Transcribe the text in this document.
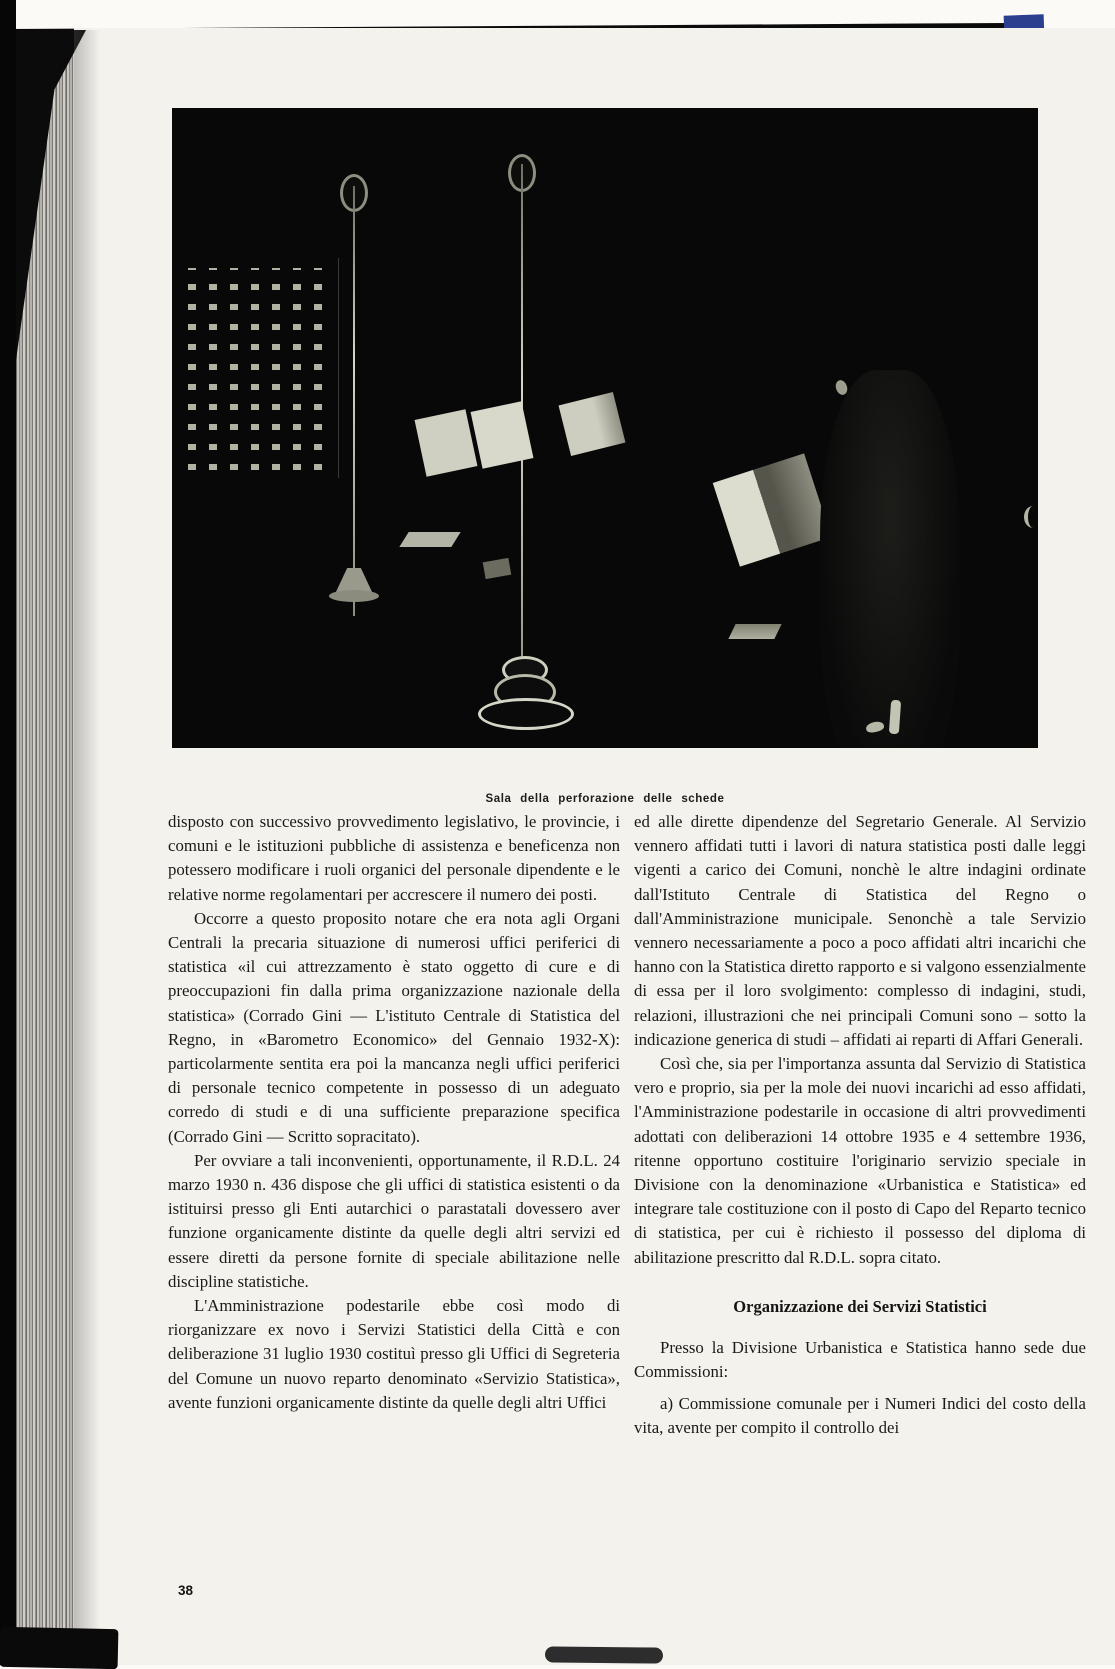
Sala della perforazione delle schede

disposto con successivo provvedimento legislativo, le provincie, i comuni e le istituzioni pubbliche di assistenza e beneficenza non potessero modificare i ruoli organici del personale dipendente e le relative norme regolamentari per accrescere il numero dei posti.

Occorre a questo proposito notare che era nota agli Organi Centrali la precaria situazione di numerosi uffici periferici di statistica «il cui attrezzamento è stato oggetto di cure e di preoccupazioni fin dalla prima organizzazione nazionale della statistica» (Corrado Gini — L'istituto Centrale di Statistica del Regno, in «Barometro Economico» del Gennaio 1932-X): particolarmente sentita era poi la mancanza negli uffici periferici di personale tecnico competente in possesso di un adeguato corredo di studi e di una sufficiente preparazione specifica (Corrado Gini — Scritto sopracitato).

Per ovviare a tali inconvenienti, opportunamente, il R.D.L. 24 marzo 1930 n. 436 dispose che gli uffici di statistica esistenti o da istituirsi presso gli Enti autarchici o parastatali dovessero aver funzione organicamente distinte da quelle degli altri servizi ed essere diretti da persone fornite di speciale abilitazione nelle discipline statistiche.

L'Amministrazione podestarile ebbe così modo di riorganizzare ex novo i Servizi Statistici della Città e con deliberazione 31 luglio 1930 costituì presso gli Uffici di Segreteria del Comune un nuovo reparto denominato «Servizio Statistica», avente funzioni organicamente distinte da quelle degli altri Uffici

ed alle dirette dipendenze del Segretario Generale. Al Servizio vennero affidati tutti i lavori di natura statistica posti dalle leggi vigenti a carico dei Comuni, nonchè le altre indagini ordinate dall'Istituto Centrale di Statistica del Regno o dall'Amministrazione municipale. Senonchè a tale Servizio vennero necessariamente a poco a poco affidati altri incarichi che hanno con la Statistica diretto rapporto e si valgono essenzialmente di essa per il loro svolgimento: complesso di indagini, studi, relazioni, illustrazioni che nei principali Comuni sono – sotto la indicazione generica di studi – affidati ai reparti di Affari Generali.

Così che, sia per l'importanza assunta dal Servizio di Statistica vero e proprio, sia per la mole dei nuovi incarichi ad esso affidati, l'Amministrazione podestarile in occasione di altri provvedimenti adottati con deliberazioni 14 ottobre 1935 e 4 settembre 1936, ritenne opportuno costituire l'originario servizio speciale in Divisione con la denominazione «Urbanistica e Statistica» ed integrare tale costituzione con il posto di Capo del Reparto tecnico di statistica, per cui è richiesto il possesso del diploma di abilitazione prescritto dal R.D.L. sopra citato.

Organizzazione dei Servizi Statistici

Presso la Divisione Urbanistica e Statistica hanno sede due Commissioni:

a) Commissione comunale per i Numeri Indici del costo della vita, avente per compito il controllo dei

38
